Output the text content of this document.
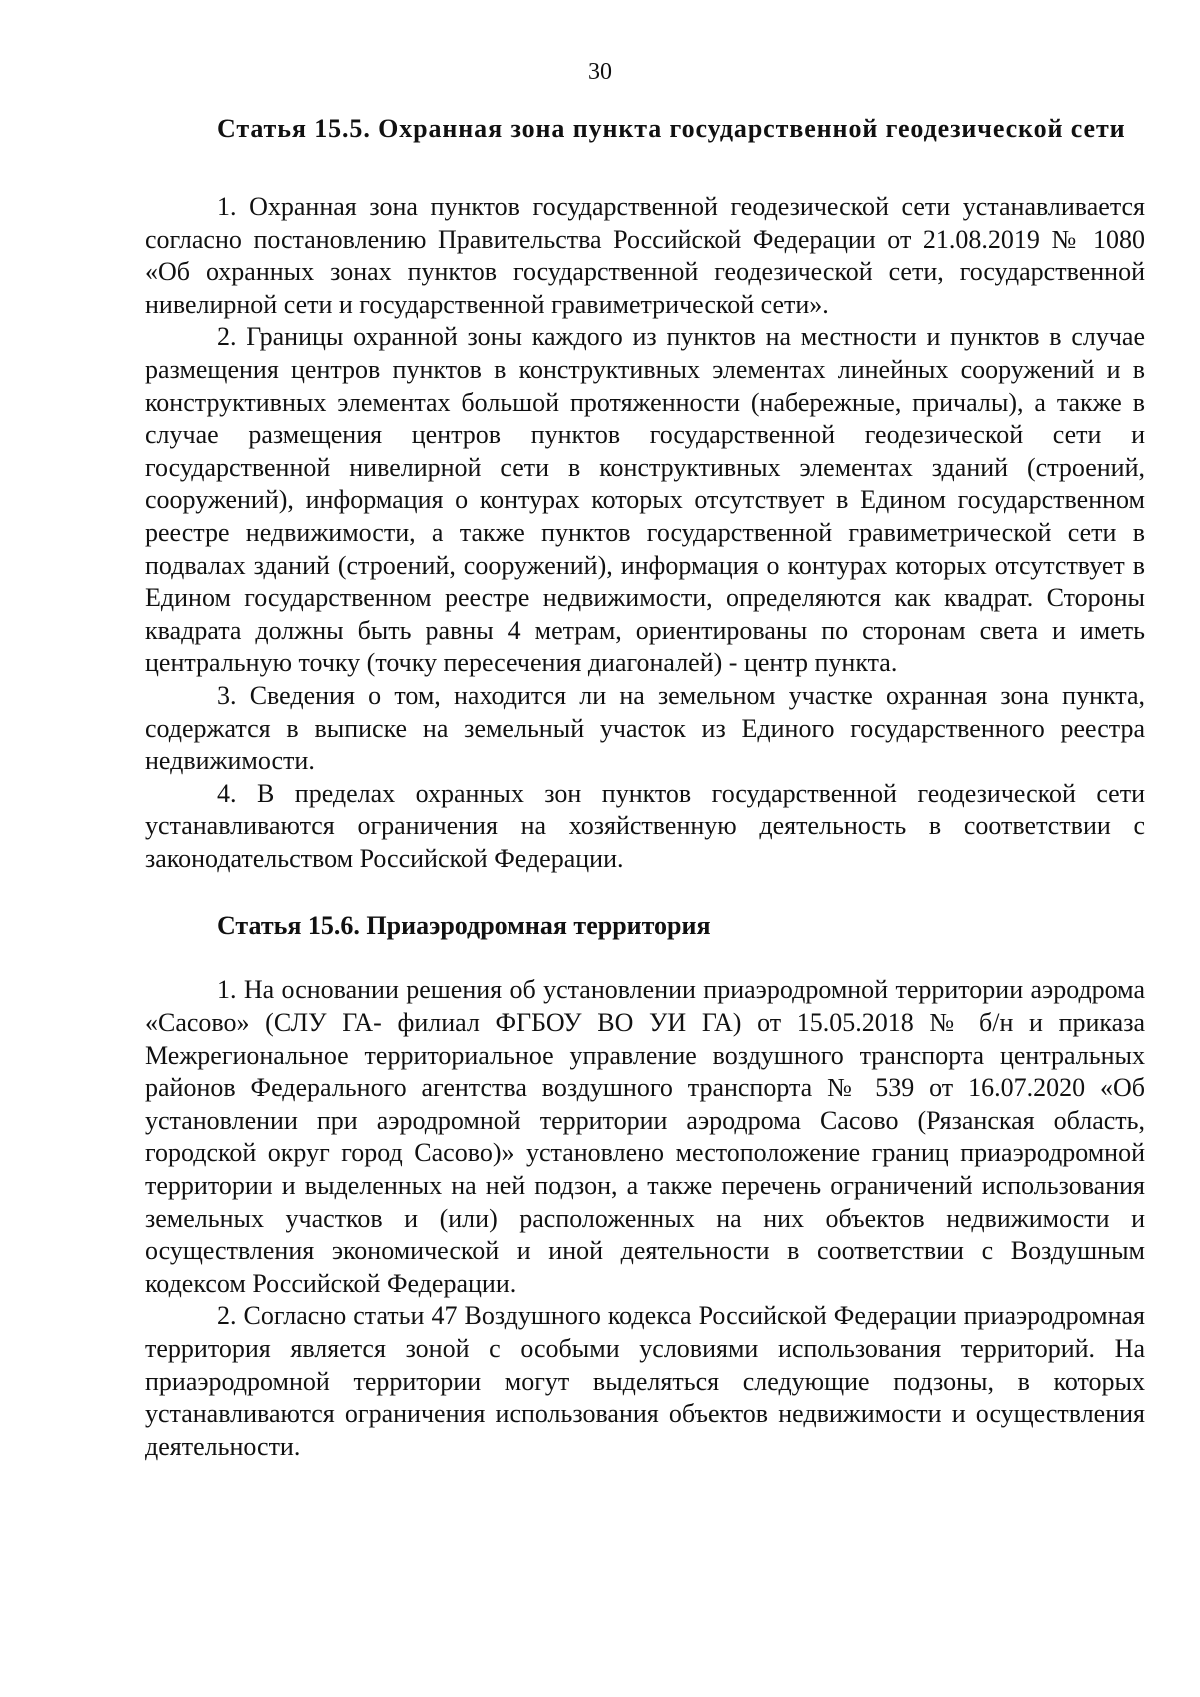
30

Статья 15.5. Охранная зона пункта государственной геодезической сети

1. Охранная зона пунктов государственной геодезической сети устанавливается согласно постановлению Правительства Российской Федерации от 21.08.2019 № 1080 «Об охранных зонах пунктов государственной геодезической сети, государственной нивелирной сети и государственной гравиметрической сети».

2. Границы охранной зоны каждого из пунктов на местности и пунктов в случае размещения центров пунктов в конструктивных элементах линейных сооружений и в конструктивных элементах большой протяженности (набережные, причалы), а также в случае размещения центров пунктов государственной геодезической сети и государственной нивелирной сети в конструктивных элементах зданий (строений, сооружений), информация о контурах которых отсутствует в Едином государственном реестре недвижимости, а также пунктов государственной гравиметрической сети в подвалах зданий (строений, сооружений), информация о контурах которых отсутствует в Едином государственном реестре недвижимости, определяются как квадрат. Стороны квадрата должны быть равны 4 метрам, ориентированы по сторонам света и иметь центральную точку (точку пересечения диагоналей) - центр пункта.

3. Сведения о том, находится ли на земельном участке охранная зона пункта, содержатся в выписке на земельный участок из Единого государственного реестра недвижимости.

4. В пределах охранных зон пунктов государственной геодезической сети устанавливаются ограничения на хозяйственную деятельность в соответствии с законодательством Российской Федерации.

Статья 15.6. Приаэродромная территория

1. На основании решения об установлении приаэродромной территории аэродрома «Сасово» (СЛУ ГА- филиал ФГБОУ ВО УИ ГА) от 15.05.2018 № б/н и приказа Межрегиональное территориальное управление воздушного транспорта центральных районов Федерального агентства воздушного транспорта № 539 от 16.07.2020 «Об установлении при аэродромной территории аэродрома Сасово (Рязанская область, городской округ город Сасово)» установлено местоположение границ приаэродромной территории и выделенных на ней подзон, а также перечень ограничений использования земельных участков и (или) расположенных на них объектов недвижимости и осуществления экономической и иной деятельности в соответствии с Воздушным кодексом Российской Федерации.

2. Согласно статьи 47 Воздушного кодекса Российской Федерации приаэродромная территория является зоной с особыми условиями использования территорий. На приаэродромной территории могут выделяться следующие подзоны, в которых устанавливаются ограничения использования объектов недвижимости и осуществления деятельности.
